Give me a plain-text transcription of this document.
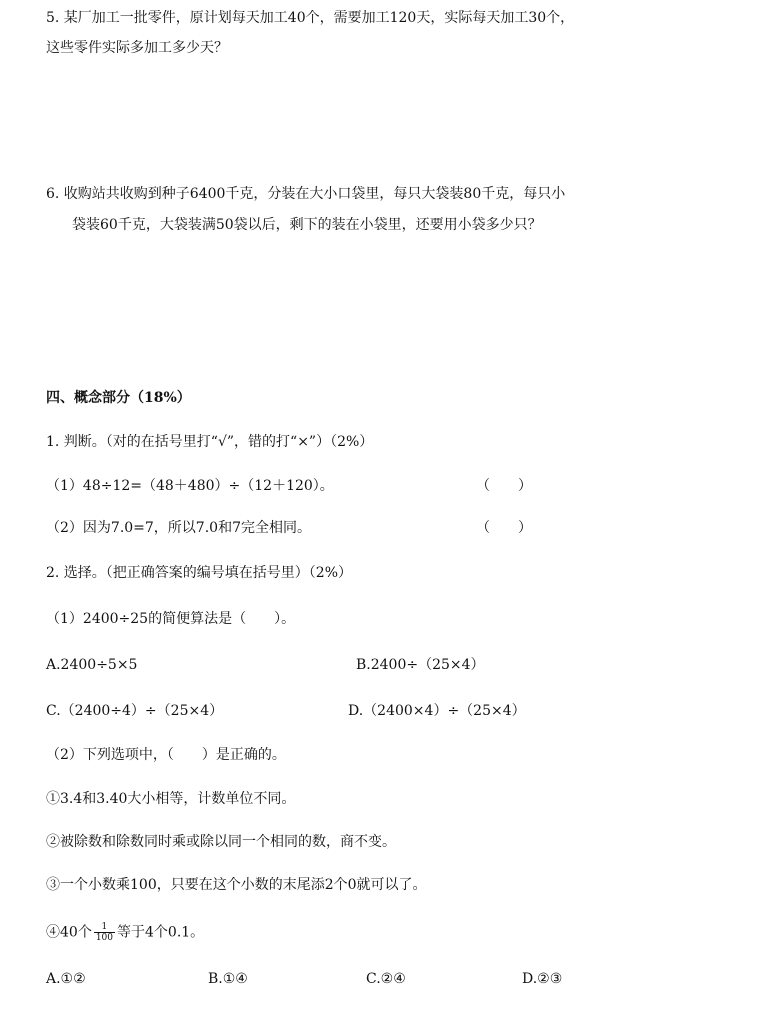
5. 某厂加工一批零件，原计划每天加工40个，需要加工120天，实际每天加工30个，
这些零件实际多加工多少天？
6. 收购站共收购到种子6400千克，分装在大小口袋里，每只大袋装80千克，每只小
袋装60千克，大袋装满50袋以后，剩下的装在小袋里，还要用小袋多少只？
四、概念部分（18%）
1. 判断。（对的在括号里打“√”，错的打“×”）（2%）
（1）48÷12=（48＋480）÷（12＋120）。	（　　）
（2）因为7.0=7，所以7.0和7完全相同。	（　　）
2. 选择。（把正确答案的编号填在括号里）（2%）
（1）2400÷25的简便算法是（　　）。
A.2400÷5×5	B.2400÷（25×4）
C.（2400÷4）÷（25×4）	D.（2400×4）÷（25×4）
（2）下列选项中，（　　）是正确的。
①3.4和3.40大小相等，计数单位不同。
②被除数和除数同时乘或除以同一个相同的数，商不变。
③一个小数乘100，只要在这个小数的末尾添2个0就可以了。
④40个 $\frac{1}{100}$ 等于4个0.1。
A.①②	B.①④	C.②④	D.②③
